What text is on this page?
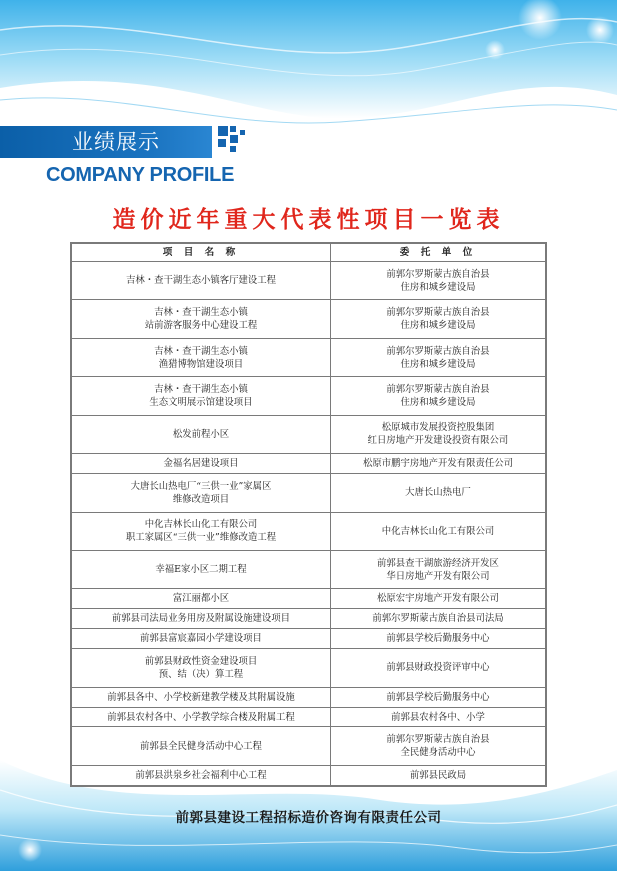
业绩展示
COMPANY PROFILE
造价近年重大代表性项目一览表
项 目 名 称	委 托 单 位

吉林・查干湖生态小镇客厅建设工程	前郭尔罗斯蒙古族自治县
住房和城乡建设局

吉林・查干湖生态小镇
站前游客服务中心建设工程	前郭尔罗斯蒙古族自治县
住房和城乡建设局

吉林・查干湖生态小镇
渔猎博物馆建设项目	前郭尔罗斯蒙古族自治县
住房和城乡建设局

吉林・查干湖生态小镇
生态文明展示馆建设项目	前郭尔罗斯蒙古族自治县
住房和城乡建设局

松发前程小区	松原城市发展投资控股集团
红日房地产开发建设投资有限公司

金福名居建设项目	松原市鹏宇房地产开发有限责任公司

大唐长山热电厂“三供一业”家属区
维修改造项目	大唐长山热电厂

中化吉林长山化工有限公司
职工家属区“三供一业”维修改造工程	中化吉林长山化工有限公司

幸福E家小区二期工程	前郭县查干湖旅游经济开发区
华日房地产开发有限公司

富江丽都小区	松原宏宇房地产开发有限公司

前郭县司法局业务用房及附属设施建设项目	前郭尔罗斯蒙古族自治县司法局

前郭县富宸嘉园小学建设项目	前郭县学校后勤服务中心

前郭县财政性资金建设项目
预、结（决）算工程	前郭县财政投资评审中心

前郭县各中、小学校新建教学楼及其附属设施	前郭县学校后勤服务中心

前郭县农村各中、小学教学综合楼及附属工程	前郭县农村各中、小学

前郭县全民健身活动中心工程	前郭尔罗斯蒙古族自治县
全民健身活动中心

前郭县洪泉乡社会福利中心工程	前郭县民政局
前郭县建设工程招标造价咨询有限责任公司
